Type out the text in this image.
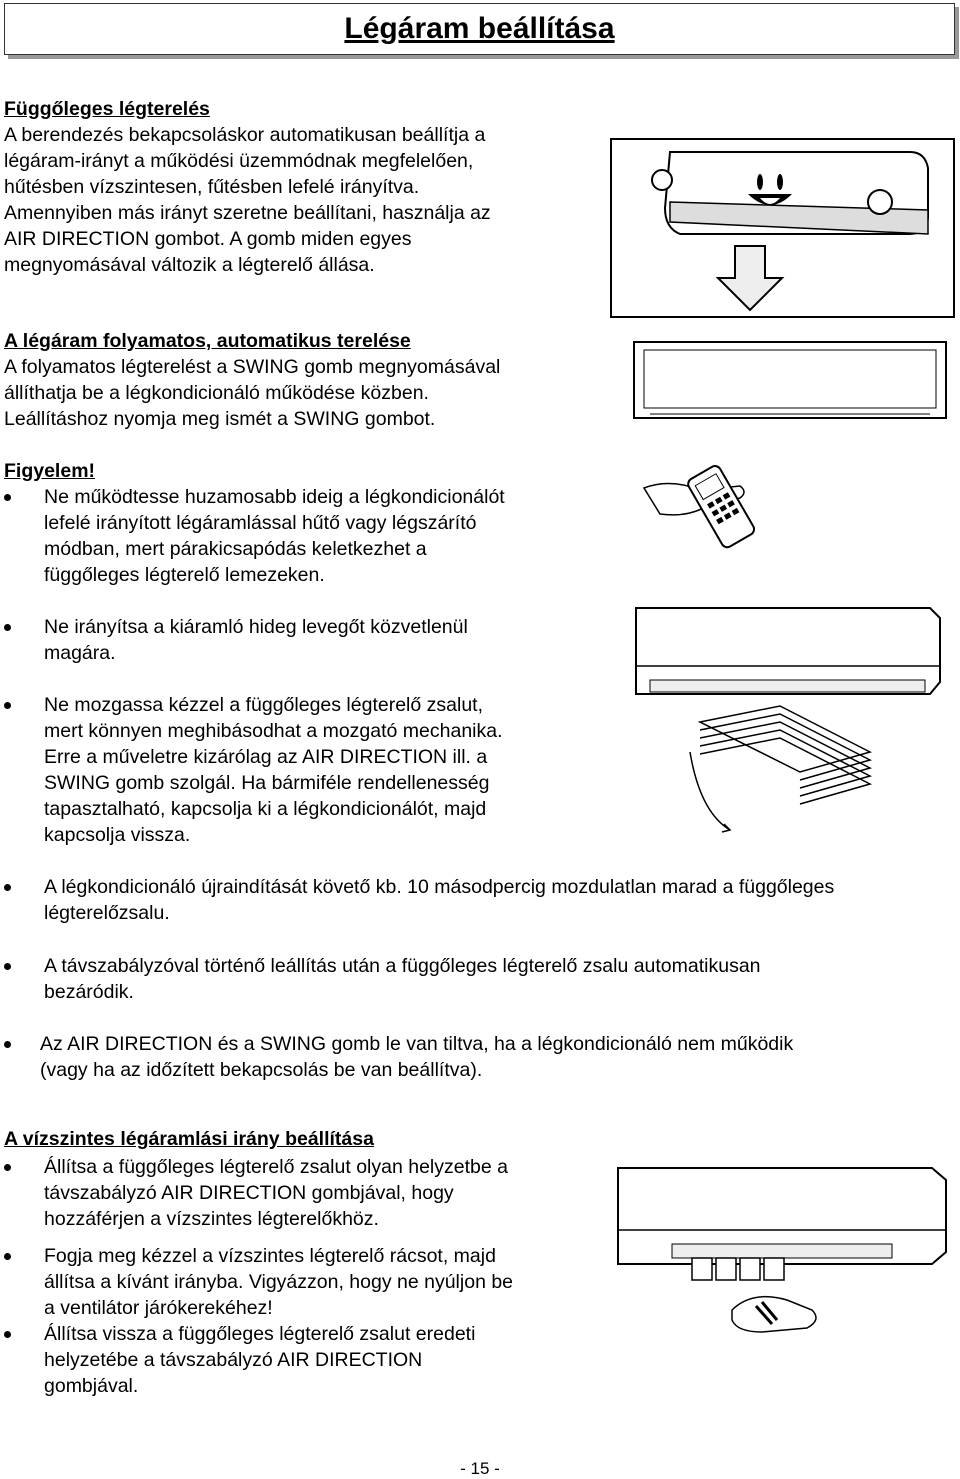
Légáram beállítása

Függőleges légterelés

A berendezés bekapcsoláskor automatikusan beállítja a

légáram-irányt a működési üzemmódnak megfelelően,

hűtésben vízszintesen, fűtésben lefelé irányítva.

Amennyiben más irányt szeretne beállítani, használja az

AIR DIRECTION gombot. A gomb miden egyes

megnyomásával változik a légterelő állása.

A légáram folyamatos, automatikus terelése

A folyamatos légterelést a SWING gomb megnyomásával

állíthatja be a légkondicionáló működése közben.

Leállításhoz nyomja meg ismét a SWING gombot.

Figyelem!

Ne működtesse huzamosabb ideig a légkondicionálót
lefelé irányított légáramlással hűtő vagy légszárító
módban, mert párakicsapódás keletkezhet a
függőleges légterelő lemezeken.
Ne irányítsa a kiáramló hideg levegőt közvetlenül
magára.
Ne mozgassa kézzel a függőleges légterelő zsalut,
mert könnyen meghibásodhat a mozgató mechanika.
Erre a műveletre kizárólag az AIR DIRECTION ill. a
SWING gomb szolgál. Ha bármiféle rendellenesség
tapasztalható, kapcsolja ki a légkondicionálót, majd
kapcsolja vissza.
A légkondicionáló újraindítását követő kb. 10 másodpercig mozdulatlan marad a függőleges
légterelőzsalu.
A távszabályzóval történő leállítás után a függőleges légterelő zsalu automatikusan
bezáródik.
Az AIR DIRECTION és a SWING gomb le van tiltva, ha a légkondicionáló nem működik
(vagy ha az időzített bekapcsolás be van beállítva).

A vízszintes légáramlási irány beállítása

Állítsa a függőleges légterelő zsalut olyan helyzetbe a
távszabályzó AIR DIRECTION gombjával, hogy
hozzáférjen a vízszintes légterelőkhöz.
Fogja meg kézzel a vízszintes légterelő rácsot, majd
állítsa a kívánt irányba. Vigyázzon, hogy ne nyúljon be
a ventilátor járókerekéhez!
Állítsa vissza a függőleges légterelő zsalut eredeti
helyzetébe a távszabályzó AIR DIRECTION
gombjával.
- 15 -
